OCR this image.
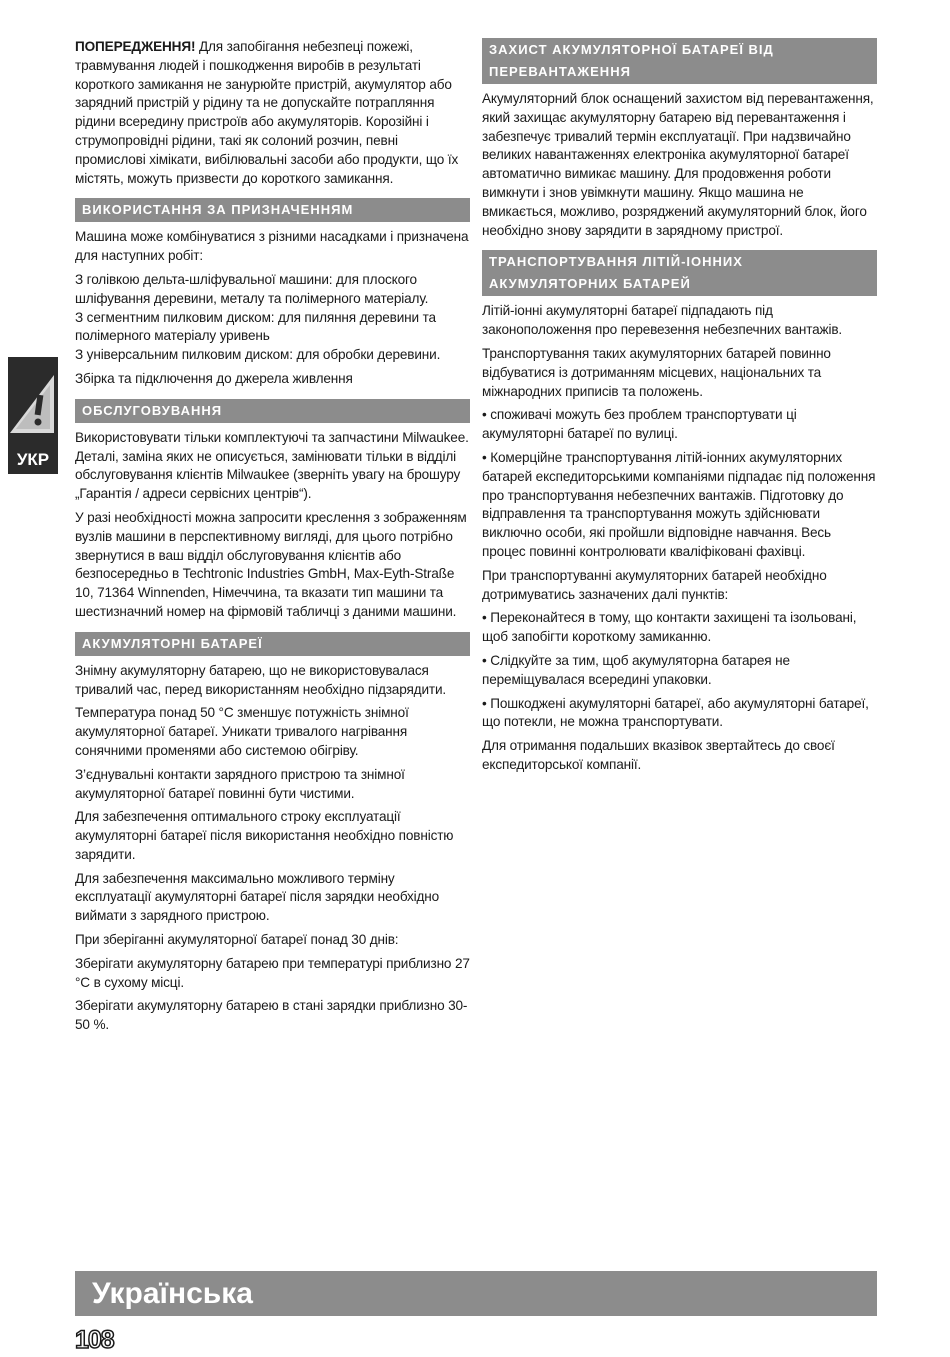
УКР

ПОПЕРЕДЖЕННЯ! Для запобігання небезпеці пожежі, травмування людей і пошкодження виробів в результаті короткого замикання не занурюйте пристрій, акумулятор або зарядний пристрій у рідину та не допускайте потрапляння рідини всередину пристроїв або акумуляторів. Корозійні і струмопровідні рідини, такі як солоний розчин, певні промислові хімікати, вибілювальні засоби або продукти, що їх містять, можуть призвести до короткого замикання.

ВИКОРИСТАННЯ ЗА ПРИЗНАЧЕННЯМ

Машина може комбінуватися з різними насадками і призначена для наступних робіт:

З голівкою дельта-шліфувальної машини: для плоского шліфування деревини, металу та полімерного матеріалу.

З сегментним пилковим диском: для пиляння деревини та полімерного матеріалу уривень

З універсальним пилковим диском: для обробки деревини.

Збірка та підключення до джерела живлення

ОБСЛУГОВУВАННЯ

Використовувати тільки комплектуючі та запчастини Milwaukee. Деталі, заміна яких не описується, замінювати тільки в відділі обслуговування клієнтів Milwaukee (зверніть увагу на брошуру „Гарантія / адреси сервісних центрів“).

У разі необхідності можна запросити креслення з зображенням вузлів машини в перспективному вигляді, для цього потрібно звернутися в ваш відділ обслуговування клієнтів або безпосередньо в Techtronic Industries GmbH, Max-Eyth-Straße 10, 71364 Winnenden, Німеччина, та вказати тип машини та шестизначний номер на фірмовій табличці з даними машини.

АКУМУЛЯТОРНІ БАТАРЕЇ

Знімну акумуляторну батарею, що не використовувалася тривалий час, перед використанням необхідно підзарядити.

Температура понад 50 °C зменшує потужність знімної акумуляторної батареї. Уникати тривалого нагрівання сонячними променями або системою обігріву.

З’єднувальні контакти зарядного пристрою та знімної акумуляторної батареї повинні бути чистими.

Для забезпечення оптимального строку експлуатації акумуляторні батареї після використання необхідно повністю зарядити.

Для забезпечення максимально можливого терміну експлуатації акумуляторні батареї після зарядки необхідно виймати з зарядного пристрою.

При зберіганні акумуляторної батареї понад 30 днів:

Зберігати акумуляторну батарею при температурі приблизно 27 °C в сухому місці.

Зберігати акумуляторну батарею в стані зарядки приблизно 30-50 %.

ЗАХИСТ АКУМУЛЯТОРНОЇ БАТАРЕЇ ВІД ПЕРЕВАНТАЖЕННЯ

Акумуляторний блок оснащений захистом від перевантаження, який захищає акумуляторну батарею від перевантаження і забезпечує тривалий термін експлуатації. При надзвичайно великих навантаженнях електроніка акумуляторної батареї автоматично вимикає машину. Для продовження роботи вимкнути і знов увімкнути машину. Якщо машина не вмикається, можливо, розряджений акумуляторний блок, його необхідно знову зарядити в зарядному пристрої.

ТРАНСПОРТУВАННЯ ЛІТІЙ-ІОННИХ АКУМУЛЯТОРНИХ БАТАРЕЙ

Літій-іонні акумуляторні батареї підпадають під законоположення про перевезення небезпечних вантажів.

Транспортування таких акумуляторних батарей повинно відбуватися із дотриманням місцевих, національних та міжнародних приписів та положень.

• споживачі можуть без проблем транспортувати ці акумуляторні батареї по вулиці.

• Комерційне транспортування літій-іонних акумуляторних батарей експедиторськими компаніями підпадає під положення про транспортування небезпечних вантажів. Підготовку до відправлення та транспортування можуть здійснювати виключно особи, які пройшли відповідне навчання. Весь процес повинні контролювати кваліфіковані фахівці.

При транспортуванні акумуляторних батарей необхідно дотримуватись зазначених далі пунктів:

• Переконайтеся в тому, що контакти захищені та ізольовані, щоб запобігти короткому замиканню.

• Слідкуйте за тим, щоб акумуляторна батарея не переміщувалася всередині упаковки.

• Пошкоджені акумуляторні батареї, або акумуляторні батареї, що потекли, не можна транспортувати.

Для отримання подальших вказівок звертайтесь до своєї експедиторської компанії.

Українська
108
